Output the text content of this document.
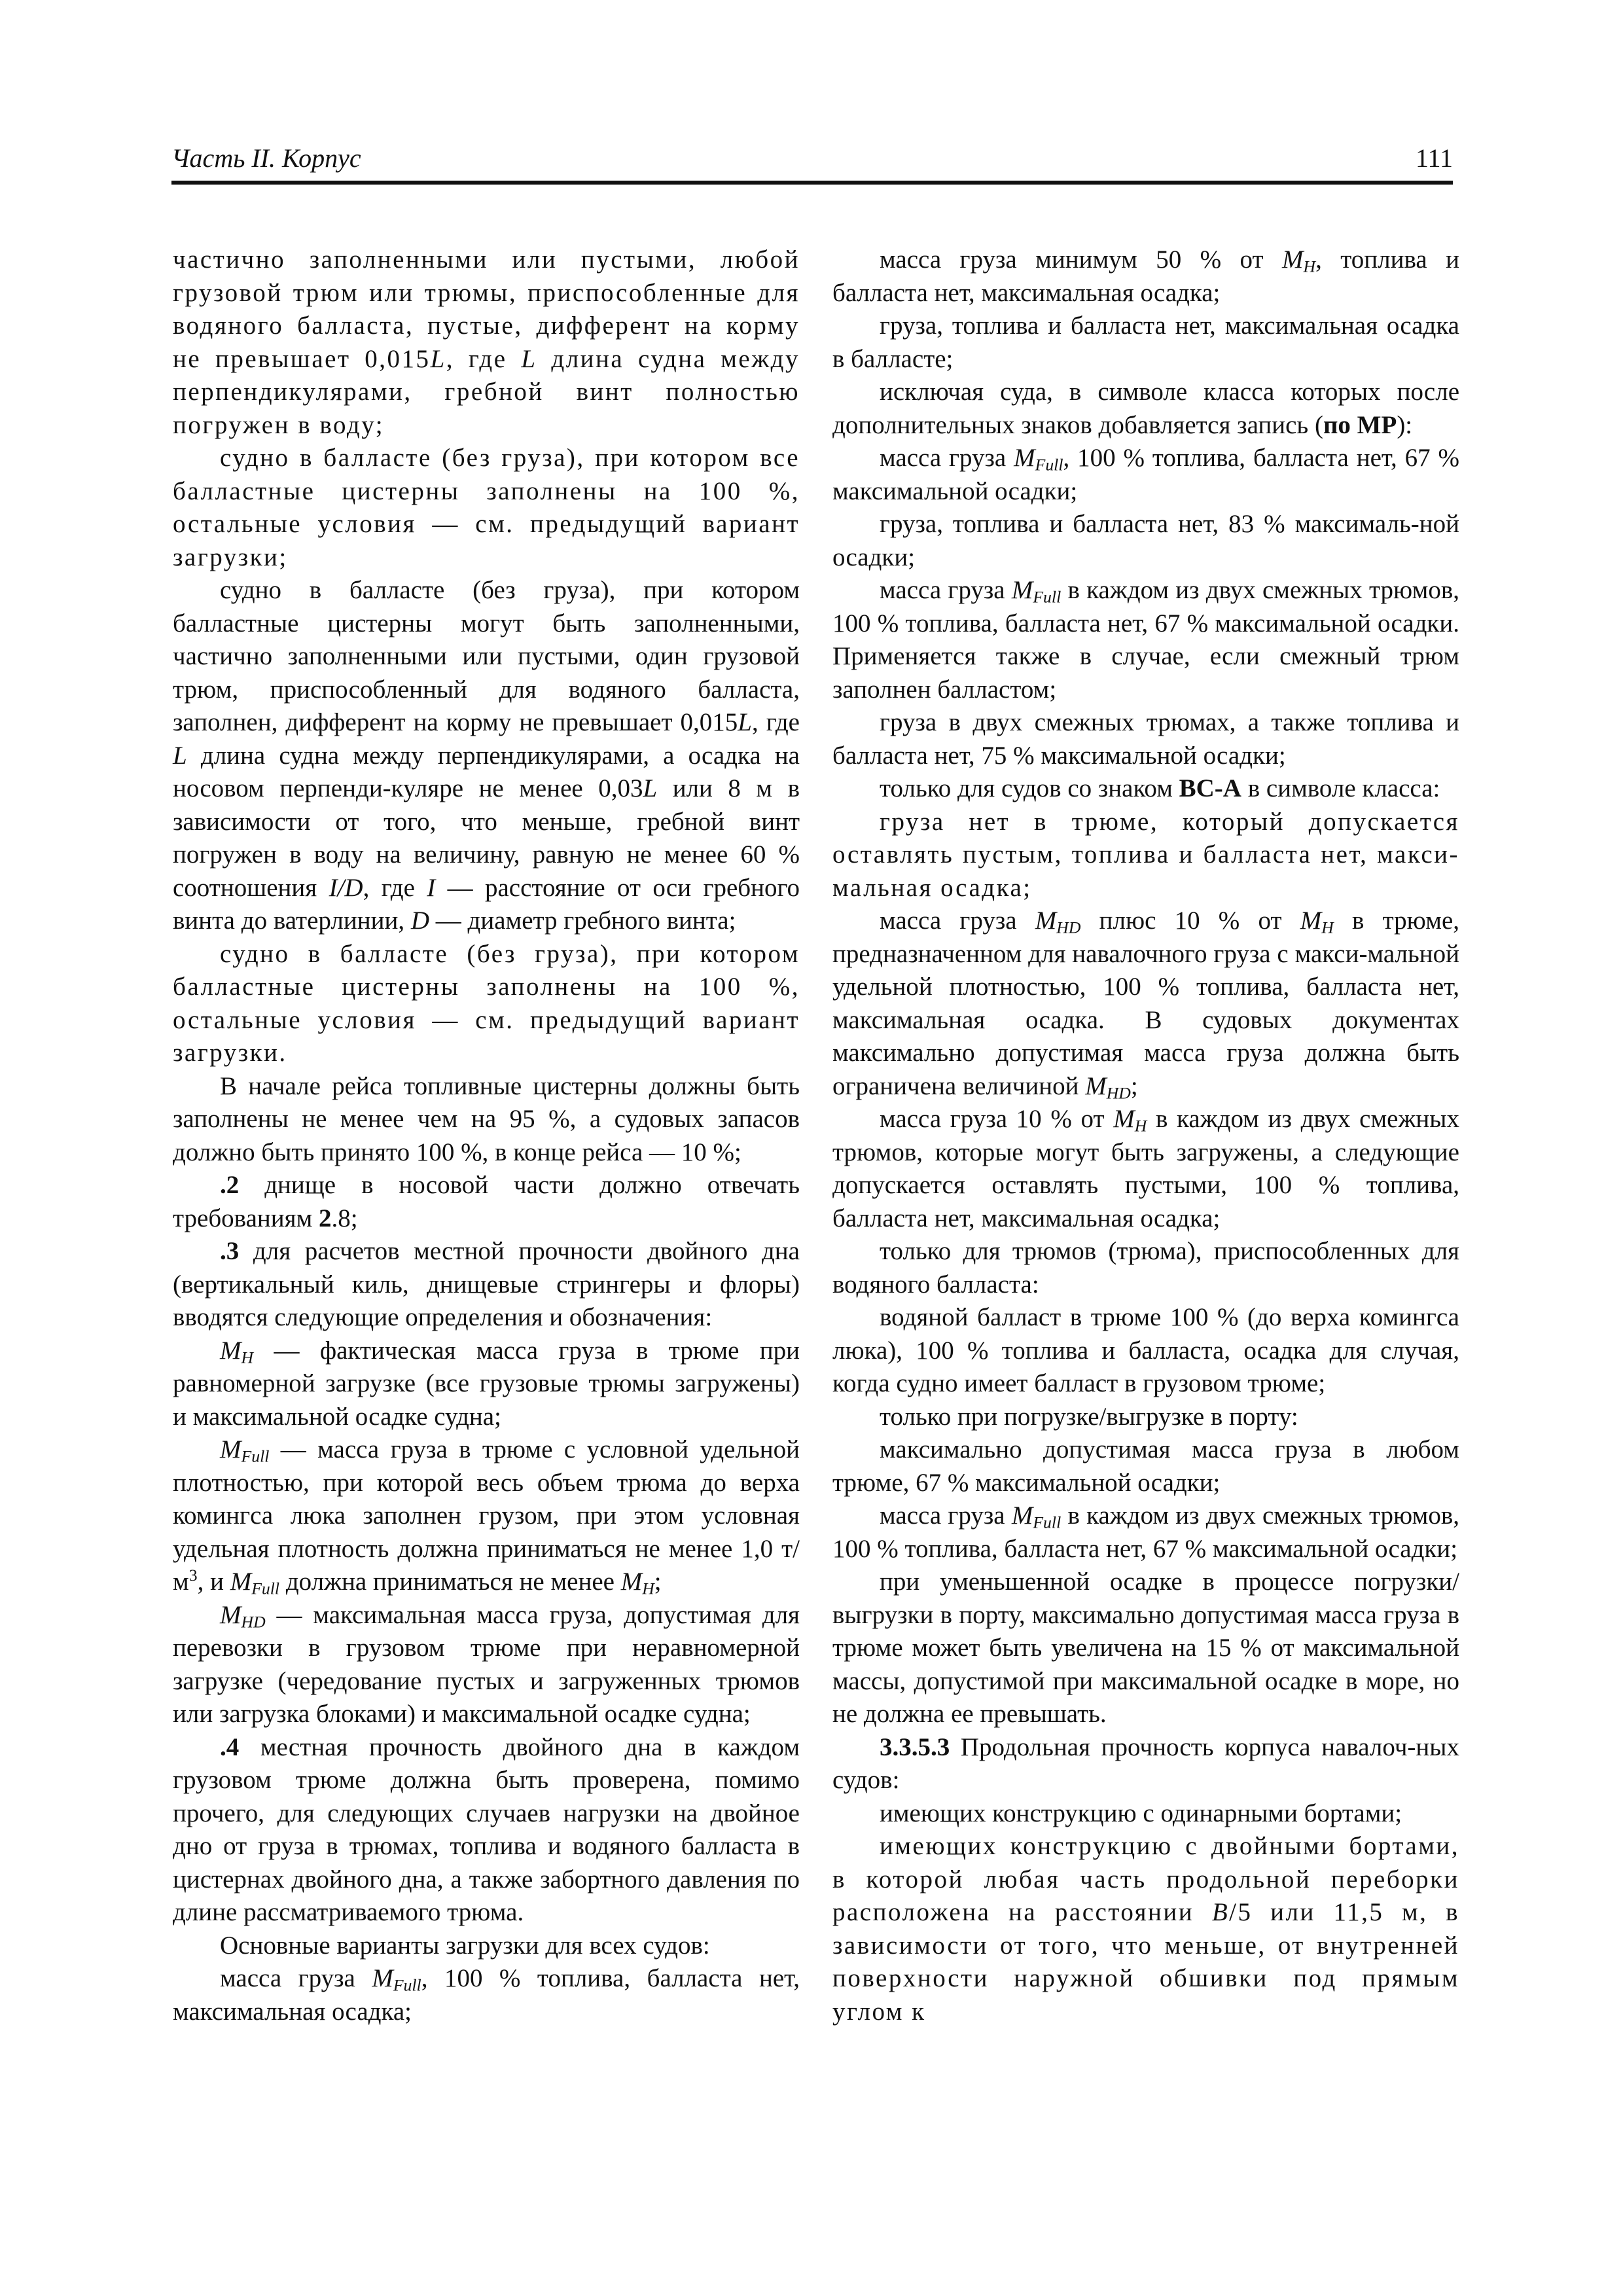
Часть II. Корпус	111

частично заполненными или пустыми, любой грузовой трюм или трюмы, приспособленные для водяного балласта, пустые, дифферент на корму не превышает 0,015L, где L длина судна между перпендикулярами, гребной винт полностью погружен в воду;

судно в балласте (без груза), при котором все балластные цистерны заполнены на 100 %, остальные условия — см. предыдущий вариант загрузки;

судно в балласте (без груза), при котором балластные цистерны могут быть заполненными, частично заполненными или пустыми, один грузовой трюм, приспособленный для водяного балласта, заполнен, дифферент на корму не превышает 0,015L, где L длина судна между перпендикулярами, а осадка на носовом перпенди-куляре не менее 0,03L или 8 м в зависимости от того, что меньше, гребной винт погружен в воду на величину, равную не менее 60 % соотношения I/D, где I — расстояние от оси гребного винта до ватерлинии, D — диаметр гребного винта;

судно в балласте (без груза), при котором балластные цистерны заполнены на 100 %, остальные условия — см. предыдущий вариант загрузки.

В начале рейса топливные цистерны должны быть заполнены не менее чем на 95 %, а судовых запасов должно быть принято 100 %, в конце рейса — 10 %;

.2 днище в носовой части должно отвечать требованиям 2.8;

.3 для расчетов местной прочности двойного дна (вертикальный киль, днищевые стрингеры и флоры) вводятся следующие определения и обозначения:

$M_H$ — фактическая масса груза в трюме при равномерной загрузке (все грузовые трюмы загружены) и максимальной осадке судна;

$M_{Full}$ — масса груза в трюме с условной удельной плотностью, при которой весь объем трюма до верха комингса люка заполнен грузом, при этом условная удельная плотность должна приниматься не менее 1,0 $т/м^3$, и $M_{Full}$ должна приниматься не менее $M_H$;

$M_{HD}$ — максимальная масса груза, допустимая для перевозки в грузовом трюме при неравномерной загрузке (чередование пустых и загруженных трюмов или загрузка блоками) и максимальной осадке судна;

.4 местная прочность двойного дна в каждом грузовом трюме должна быть проверена, помимо прочего, для следующих случаев нагрузки на двойное дно от груза в трюмах, топлива и водяного балласта в цистернах двойного дна, а также забортного давления по длине рассматриваемого трюма.

Основные варианты загрузки для всех судов:

масса груза $M_{Full}$, 100 % топлива, балласта нет, максимальная осадка;

масса груза минимум 50 % от $M_H$, топлива и балласта нет, максимальная осадка;

груза, топлива и балласта нет, максимальная осадка в балласте;

исключая суда, в символе класса которых после дополнительных знаков добавляется запись (по МР):

масса груза $M_{Full}$, 100 % топлива, балласта нет, 67 % максимальной осадки;

груза, топлива и балласта нет, 83 % максималь-ной осадки;

масса груза $M_{Full}$ в каждом из двух смежных трюмов, 100 % топлива, балласта нет, 67 % максимальной осадки. Применяется также в случае, если смежный трюм заполнен балластом;

груза в двух смежных трюмах, а также топлива и балласта нет, 75 % максимальной осадки;

только для судов со знаком BC-A в символе класса:

груза нет в трюме, который допускается оставлять пустым, топлива и балласта нет, макси-мальная осадка;

масса груза $M_{HD}$ плюс 10 % от $M_H$ в трюме, предназначенном для навалочного груза с макси-мальной удельной плотностью, 100 % топлива, балласта нет, максимальная осадка. В судовых документах максимально допустимая масса груза должна быть ограничена величиной $M_{HD}$;

масса груза 10 % от $M_H$ в каждом из двух смежных трюмов, которые могут быть загружены, а следующие допускается оставлять пустыми, 100 % топлива, балласта нет, максимальная осадка;

только для трюмов (трюма), приспособленных для водяного балласта:

водяной балласт в трюме 100 % (до верха комингса люка), 100 % топлива и балласта, осадка для случая, когда судно имеет балласт в грузовом трюме;

только при погрузке/выгрузке в порту:

максимально допустимая масса груза в любом трюме, 67 % максимальной осадки;

масса груза $M_{Full}$ в каждом из двух смежных трюмов, 100 % топлива, балласта нет, 67 % максимальной осадки;

при уменьшенной осадке в процессе погрузки/ выгрузки в порту, максимально допустимая масса груза в трюме может быть увеличена на 15 % от максимальной массы, допустимой при максимальной осадке в море, но не должна ее превышать.

3.3.5.3 Продольная прочность корпуса навалоч-ных судов:

имеющих конструкцию с одинарными бортами;

имеющих конструкцию с двойными бортами, в которой любая часть продольной переборки расположена на расстоянии B/5 или 11,5 м, в зависимости от того, что меньше, от внутренней поверхности наружной обшивки под прямым углом к
